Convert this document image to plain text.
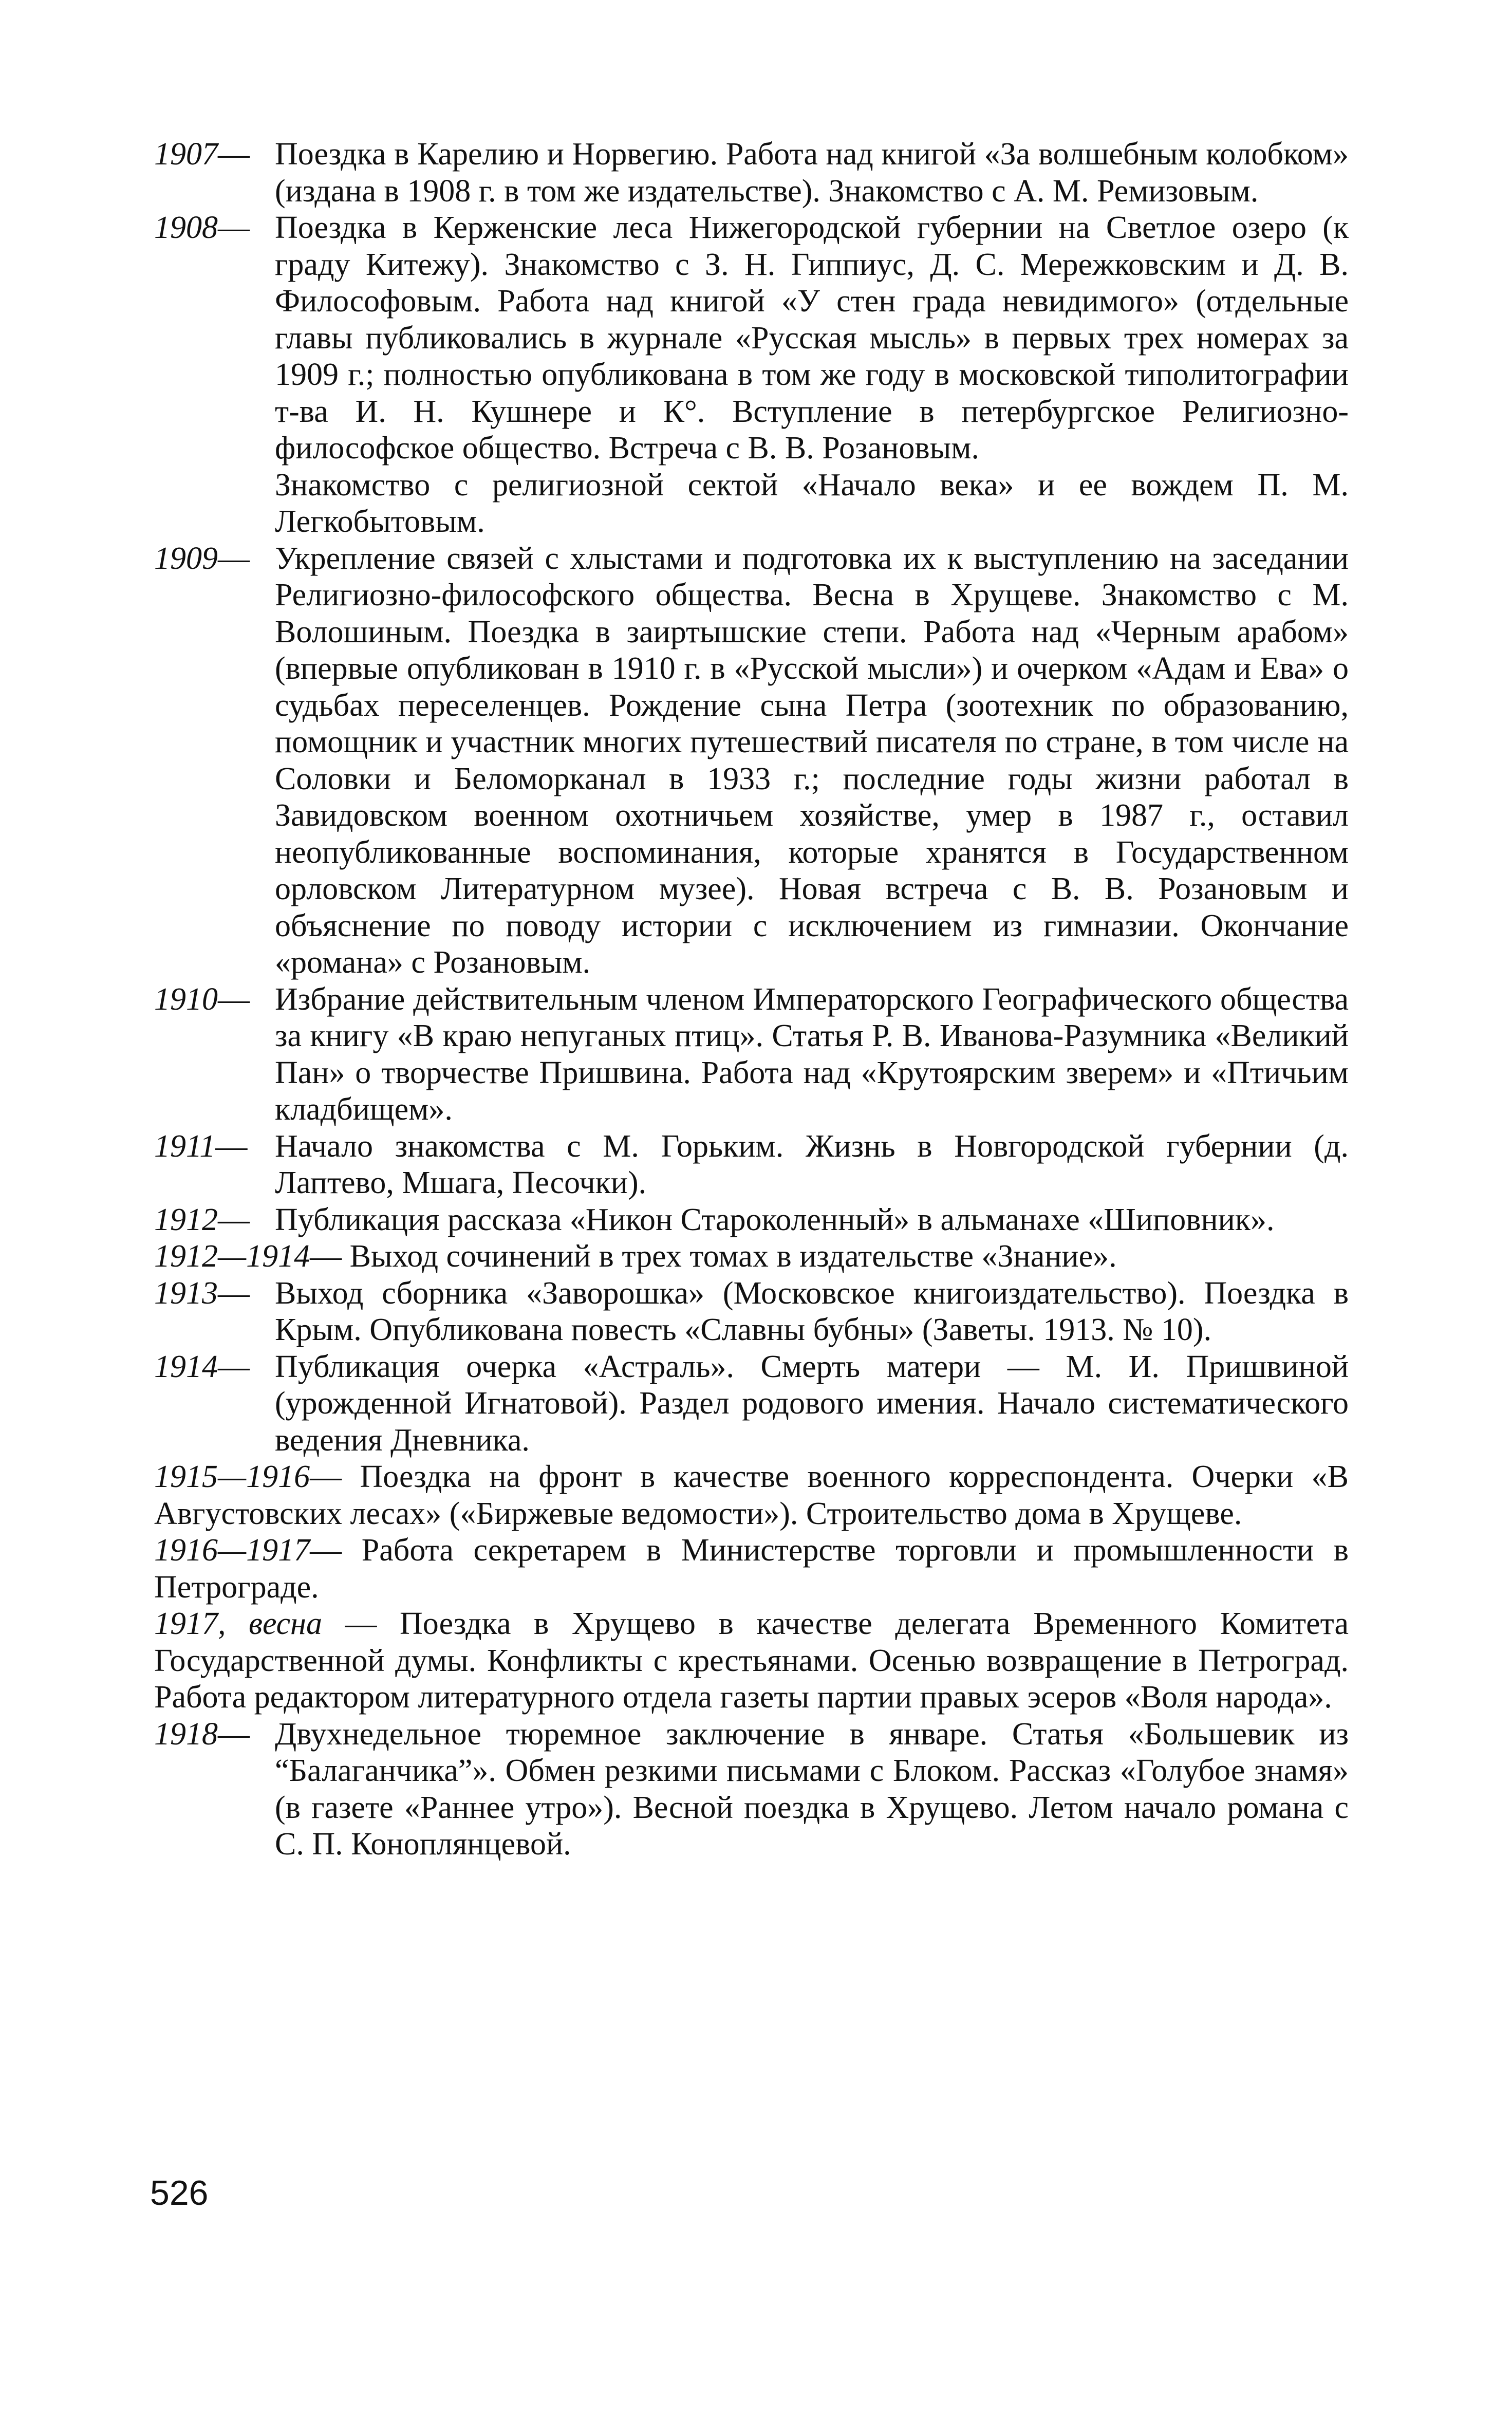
1907— Поездка в Карелию и Норвегию. Работа над книгой «За волшебным колобком» (издана в 1908 г. в том же издательстве). Знакомство с А. М. Ремизовым.
1908— Поездка в Керженские леса Нижегородской губернии на Светлое озеро (к граду Китежу). Знакомство с З. Н. Гиппиус, Д. С. Мережковским и Д. В. Философовым. Работа над книгой «У стен града невидимого» (отдельные главы публиковались в журнале «Русская мысль» в первых трех номерах за 1909 г.; полностью опубликована в том же году в московской типолитографии т-ва И. Н. Кушнере и К°. Вступление в петербургское Религиозно-философское общество. Встреча с В. В. Розановым.
Знакомство с религиозной сектой «Начало века» и ее вождем П. М. Легкобытовым.
1909— Укрепление связей с хлыстами и подготовка их к выступлению на заседании Религиозно-философского общества. Весна в Хрущеве. Знакомство с М. Волошиным. Поездка в заиртышские степи. Работа над «Черным арабом» (впервые опубликован в 1910 г. в «Русской мысли») и очерком «Адам и Ева» о судьбах переселенцев. Рождение сына Петра (зоотехник по образованию, помощник и участник многих путешествий писателя по стране, в том числе на Соловки и Беломорканал в 1933 г.; последние годы жизни работал в Завидовском военном охотничьем хозяйстве, умер в 1987 г., оставил неопубликованные воспоминания, которые хранятся в Государственном орловском Литературном музее). Новая встреча с В. В. Розановым и объяснение по поводу истории с исключением из гимназии. Окончание «романа» с Розановым.
1910— Избрание действительным членом Императорского Географического общества за книгу «В краю непуганых птиц». Статья Р. В. Иванова-Разумника «Великий Пан» о творчестве Пришвина. Работа над «Крутоярским зверем» и «Птичьим кладбищем».
1911— Начало знакомства с М. Горьким. Жизнь в Новгородской губернии (д. Лаптево, Мшага, Песочки).
1912— Публикация рассказа «Никон Староколенный» в альманахе «Шиповник».
1912—1914— Выход сочинений в трех томах в издательстве «Знание».
1913— Выход сборника «Заворошка» (Московское книгоиздательство). Поездка в Крым. Опубликована повесть «Славны бубны» (Заветы. 1913. № 10).
1914— Публикация очерка «Астраль». Смерть матери — М. И. Пришвиной (урожденной Игнатовой). Раздел родового имения. Начало систематического ведения Дневника.
1915—1916— Поездка на фронт в качестве военного корреспондента. Очерки «В Августовских лесах» («Биржевые ведомости»). Строительство дома в Хрущеве.
1916—1917— Работа секретарем в Министерстве торговли и промышленности в Петрограде.
1917, весна — Поездка в Хрущево в качестве делегата Временного Комитета Государственной думы. Конфликты с крестьянами. Осенью возвращение в Петроград. Работа редактором литературного отдела газеты партии правых эсеров «Воля народа».
1918— Двухнедельное тюремное заключение в январе. Статья «Большевик из “Балаганчика”». Обмен резкими письмами с Блоком. Рассказ «Голубое знамя» (в газете «Раннее утро»). Весной поездка в Хрущево. Летом начало романа с С. П. Коноплянцевой.
526
